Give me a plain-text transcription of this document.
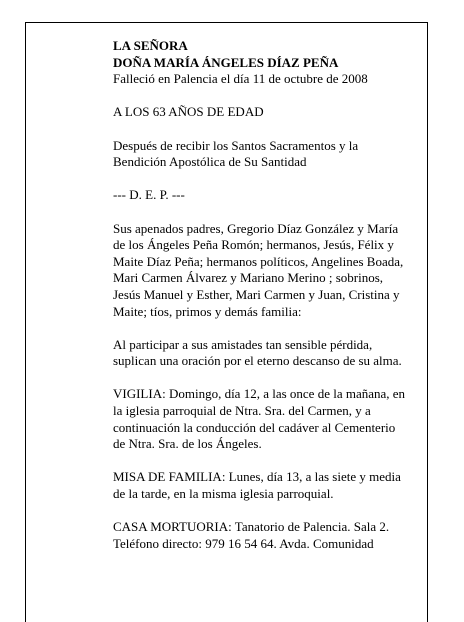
LA SEÑORA
DOÑA MARÍA ÁNGELES DÍAZ PEÑA
Falleció en Palencia el día 11 de octubre de 2008
A LOS 63 AÑOS DE EDAD
Después de recibir los Santos Sacramentos y la
Bendición Apostólica de Su Santidad
--- D. E. P. ---
Sus apenados padres, Gregorio Díaz González y María
de los Ángeles Peña Romón; hermanos, Jesús, Félix y
Maite Díaz Peña; hermanos políticos, Angelines Boada,
Mari Carmen Álvarez y Mariano Merino ; sobrinos,
Jesús Manuel y Esther, Mari Carmen y Juan, Cristina y
Maite; tíos, primos y demás familia:
Al participar a sus amistades tan sensible pérdida,
suplican una oración por el eterno descanso de su alma.
VIGILIA: Domingo, día 12, a las once de la mañana, en
la iglesia parroquial de Ntra. Sra. del Carmen, y a
continuación la conducción del cadáver al Cementerio
de Ntra. Sra. de los Ángeles.
MISA DE FAMILIA: Lunes, día 13, a las siete y media
de la tarde, en la misma iglesia parroquial.
CASA MORTUORIA: Tanatorio de Palencia. Sala 2.
Teléfono directo: 979 16 54 64. Avda. Comunidad
